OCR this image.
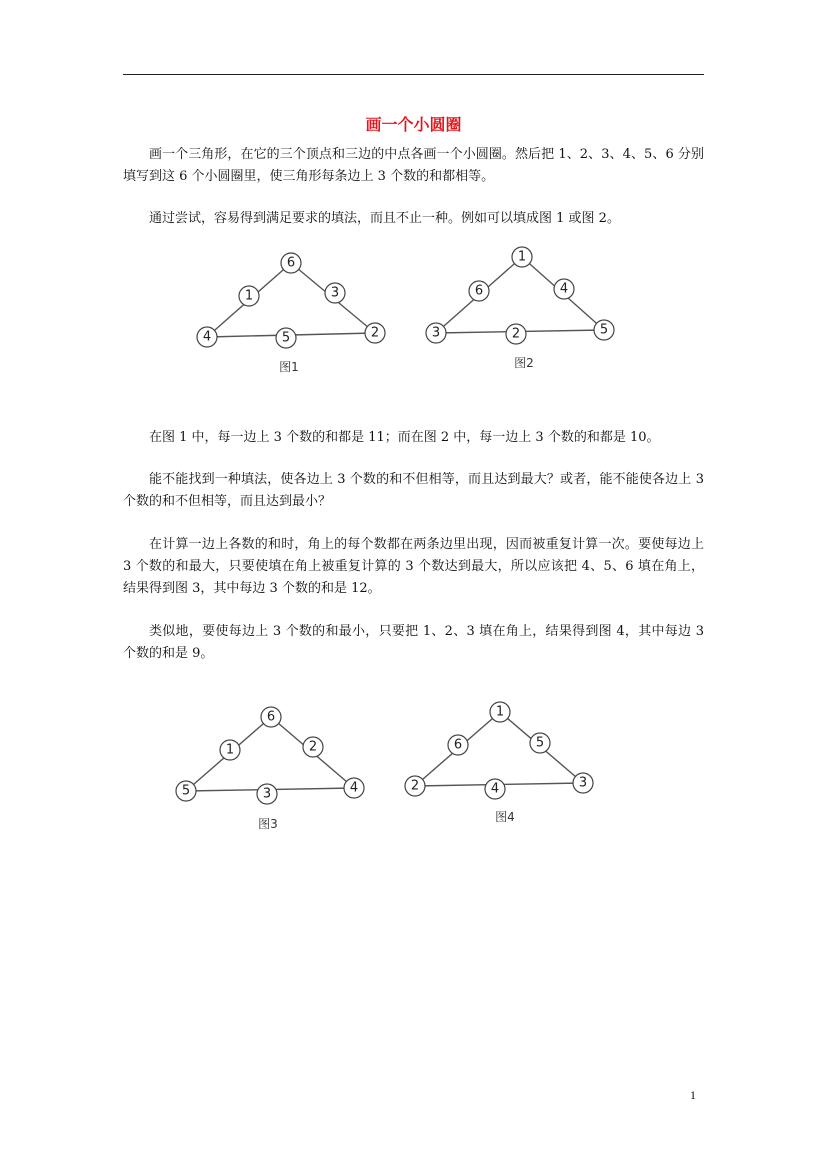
画一个小圆圈

画一个三角形，在它的三个顶点和三边的中点各画一个小圆圈。然后把 1、2、3、4、5、6 分别填写到这 6 个小圆圈里，使三角形每条边上 3 个数的和都相等。

通过尝试，容易得到满足要求的填法，而且不止一种。例如可以填成图 1 或图 2。

6
1	3
4	5	2
图1
1
6	4
3	2	5
图2

在图 1 中，每一边上 3 个数的和都是 11；而在图 2 中，每一边上 3 个数的和都是 10。

能不能找到一种填法，使各边上 3 个数的和不但相等，而且达到最大？或者，能不能使各边上 3 个数的和不但相等，而且达到最小？

在计算一边上各数的和时，角上的每个数都在两条边里出现，因而被重复计算一次。要使每边上 3 个数的和最大，只要使填在角上被重复计算的 3 个数达到最大，所以应该把 4、5、6 填在角上，结果得到图 3，其中每边 3 个数的和是 12。

类似地，要使每边上 3 个数的和最小，只要把 1、2、3 填在角上，结果得到图 4，其中每边 3 个数的和是 9。

6
1	2
5	3	4
图3
1
6	5
2	4	3
图4
1
